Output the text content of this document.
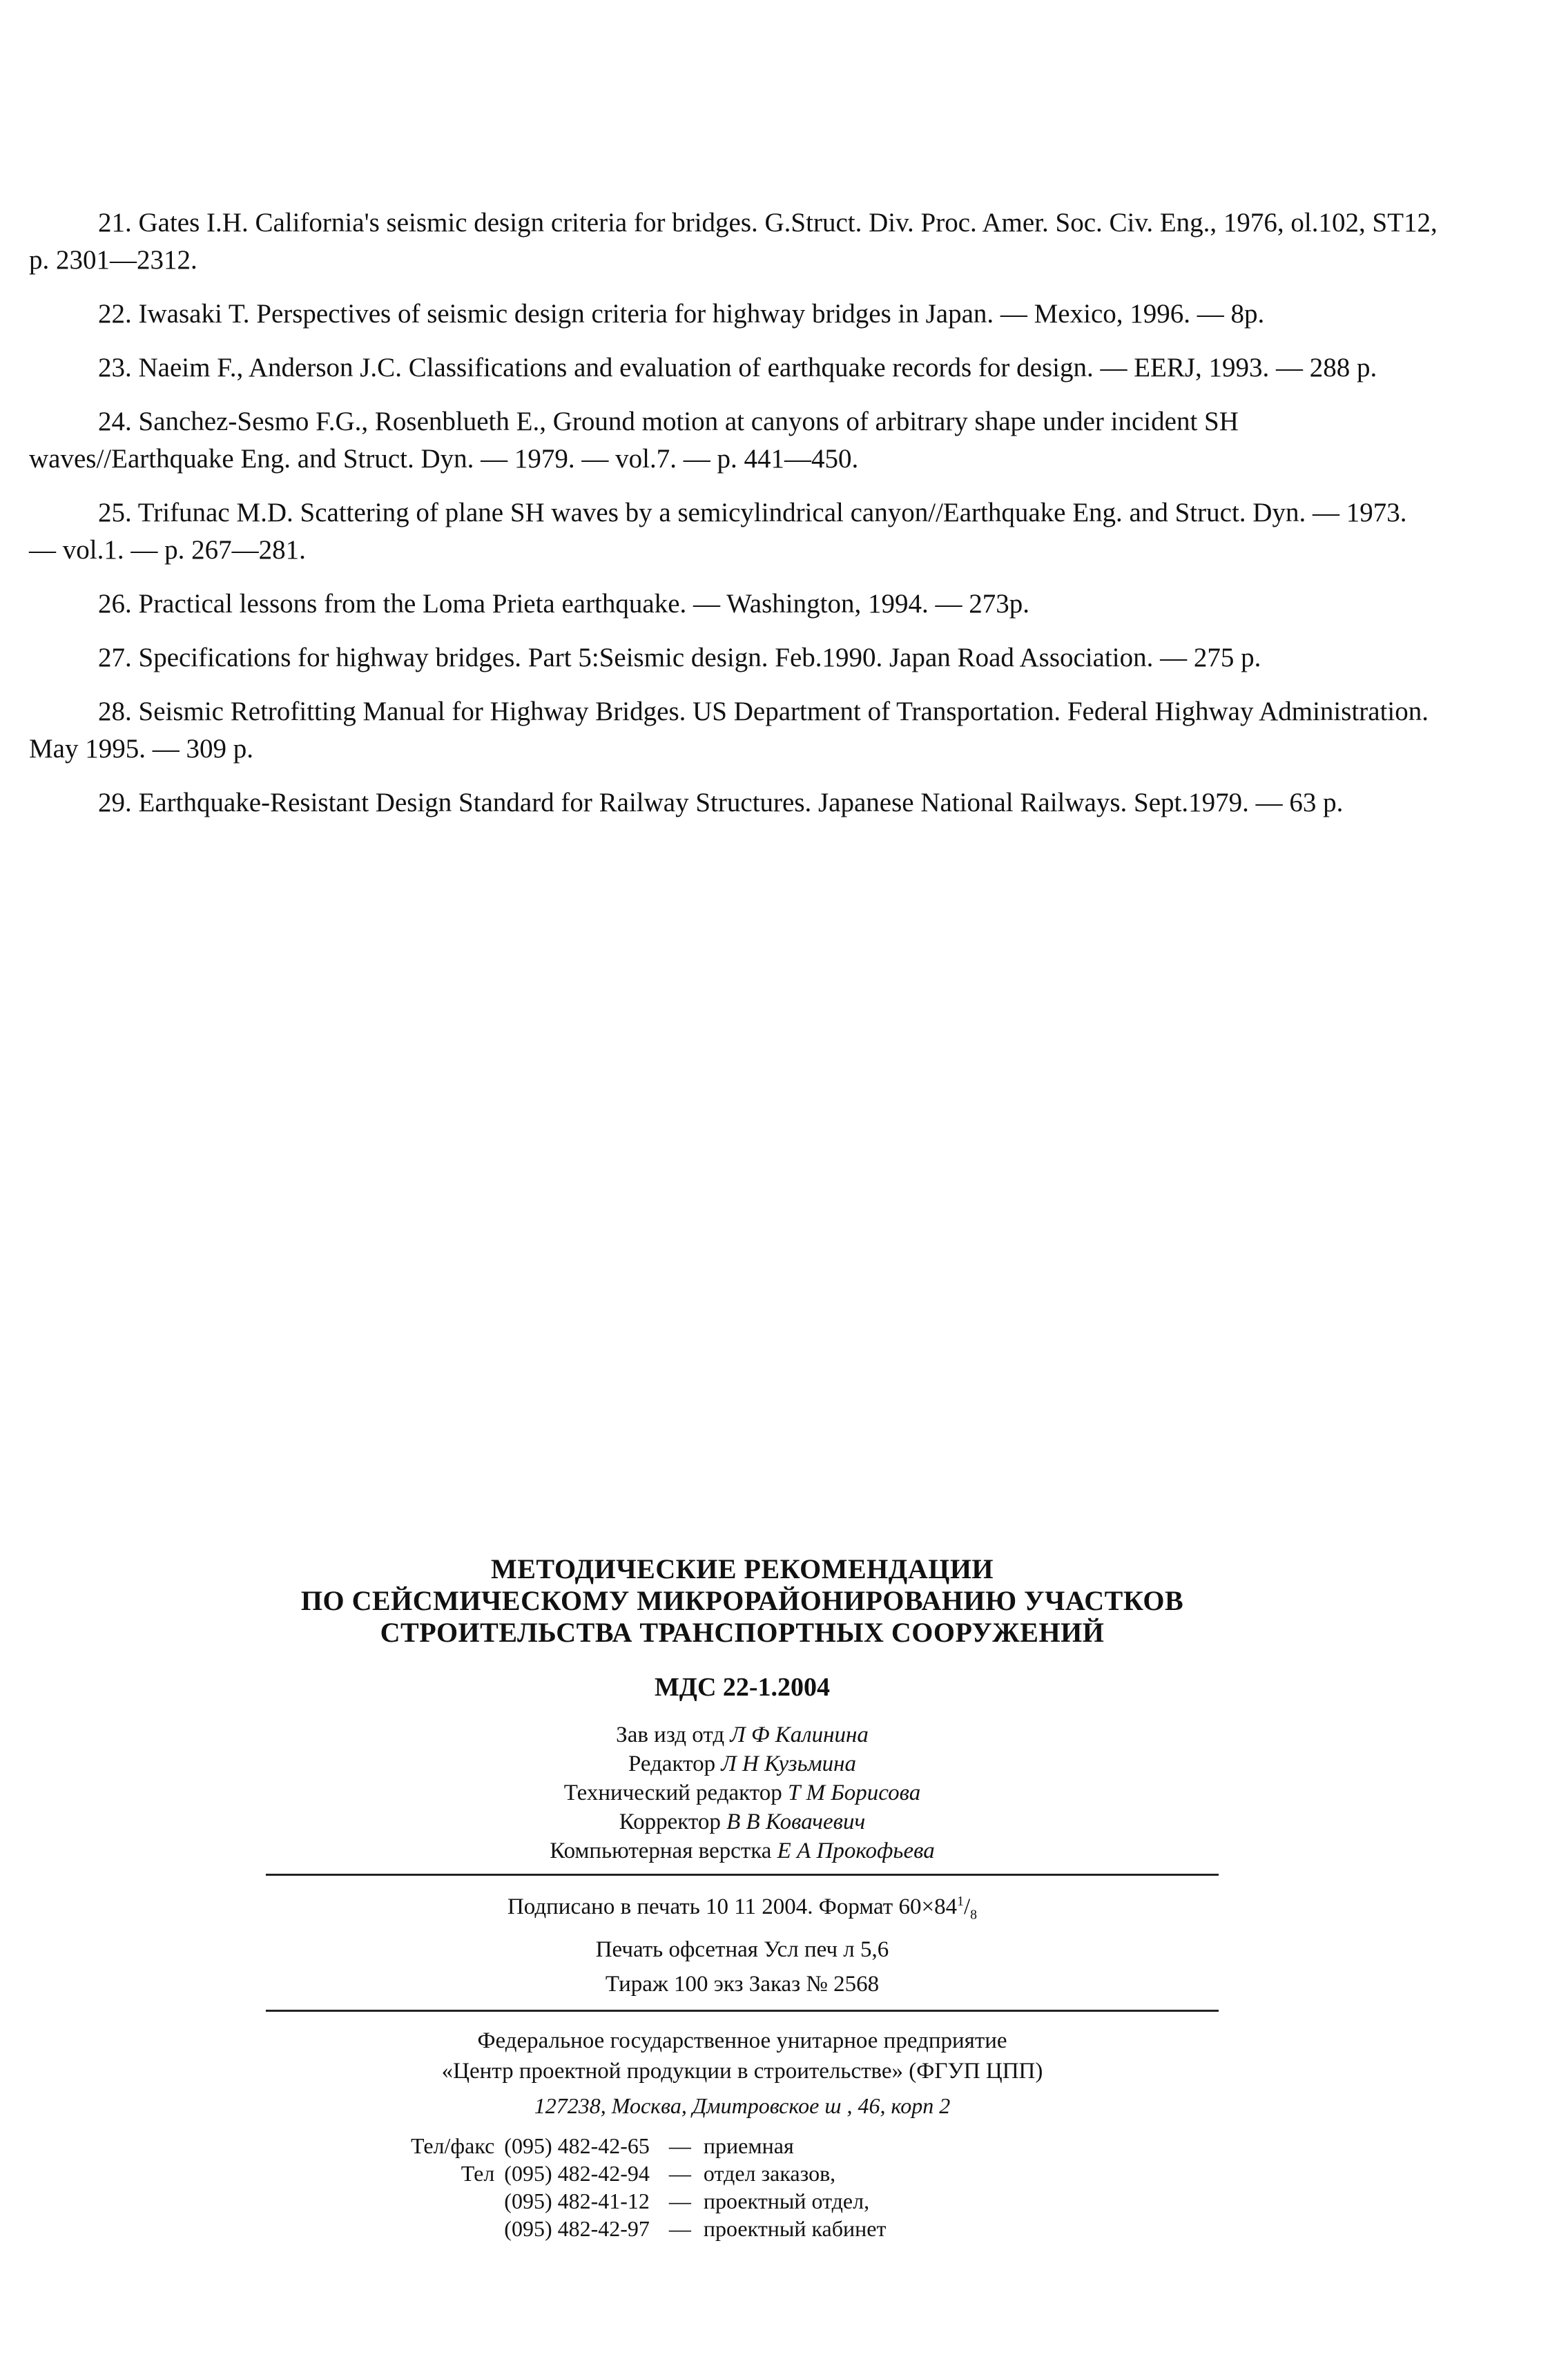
21. Gates I.H. California's seismic design criteria for bridges. G.Struct. Div. Proc. Amer. Soc. Civ. Eng., 1976, ol.102, ST12, p. 2301—2312.

22. Iwasaki T. Perspectives of seismic design criteria for highway bridges in Japan. — Mexico, 1996. — 8p.

23. Naeim F., Anderson J.C. Classifications and evaluation of earthquake records for design. — EERJ, 1993. — 288 p.

24. Sanchez-Sesmo F.G., Rosenblueth E., Ground motion at canyons of arbitrary shape under incident SH waves//Earthquake Eng. and Struct. Dyn. — 1979. — vol.7. — p. 441—450.

25. Trifunac M.D. Scattering of plane SH waves by a semicylindrical canyon//Earthquake Eng. and Struct. Dyn. — 1973. — vol.1. — p. 267—281.

26. Practical lessons from the Loma Prieta earthquake. — Washington, 1994. — 273p.

27. Specifications for highway bridges. Part 5:Seismic design. Feb.1990. Japan Road Association. — 275 p.

28. Seismic Retrofitting Manual for Highway Bridges. US Department of Transportation. Federal Highway Administration. May 1995. — 309 p.

29. Earthquake-Resistant Design Standard for Railway Structures. Japanese National Railways. Sept.1979. — 63 p.

МЕТОДИЧЕСКИЕ РЕКОМЕНДАЦИИ
ПО СЕЙСМИЧЕСКОМУ МИКРОРАЙОНИРОВАНИЮ УЧАСТКОВ
СТРОИТЕЛЬСТВА ТРАНСПОРТНЫХ СООРУЖЕНИЙ
МДС 22-1.2004
Зав изд отд Л Ф Калинина
Редактор Л Н Кузьмина
Технический редактор Т М Борисова
Корректор В В Ковачевич
Компьютерная верстка Е А Прокофьева
Подписано в печать 10 11 2004. Формат $60\times 84^1/_8$
Печать офсетная Усл печ л 5,6
Тираж 100 экз Заказ № 2568
Федеральное государственное унитарное предприятие
«Центр проектной продукции в строительстве» (ФГУП ЦПП)
127238, Москва, Дмитровское ш , 46, корп 2
Тел/факс	(095) 482-42-65	—	приемная
Тел	(095) 482-42-94	—	отдел заказов,
	(095) 482-41-12	—	проектный отдел,
	(095) 482-42-97	—	проектный кабинет
